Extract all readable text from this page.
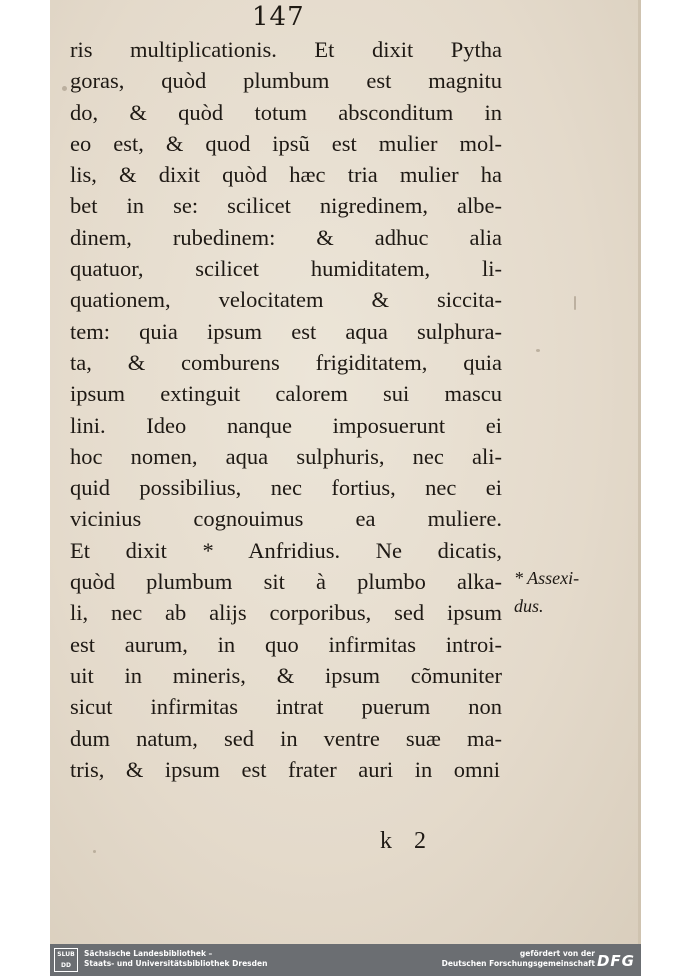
147
ris multiplicationis. Et dixit Pytha
goras, quòd plumbum est magnitu
do, & quòd totum absconditum in
eo est, & quod ipsũ est mulier mol-
lis, & dixit quòd hæc tria mulier ha
bet in se: scilicet nigredinem, albe-
dinem, rubedinem: & adhuc alia
quatuor, scilicet humiditatem, li-
quationem, velocitatem & siccita-
tem: quia ipsum est aqua sulphura-
ta, & comburens frigiditatem, quia
ipsum extinguit calorem sui mascu
lini. Ideo nanque imposuerunt ei
hoc nomen, aqua sulphuris, nec ali-
quid possibilius, nec fortius, nec ei
vicinius cognouimus ea muliere.
Et dixit * Anfridius. Ne dicatis,
quòd plumbum sit à plumbo alka-
li, nec ab alijs corporibus, sed ipsum
est aurum, in quo infirmitas introi-
uit in mineris, & ipsum cõmuniter
sicut infirmitas intrat puerum non
dum natum, sed in ventre suæ ma-
tris, & ipsum est frater auri in omni
* Assexi-
dus.
k 2
SLUB
DD
Sächsische Landesbibliothek –
Staats- und Universitätsbibliothek Dresden
gefördert von der
Deutschen Forschungsgemeinschaft DFG
